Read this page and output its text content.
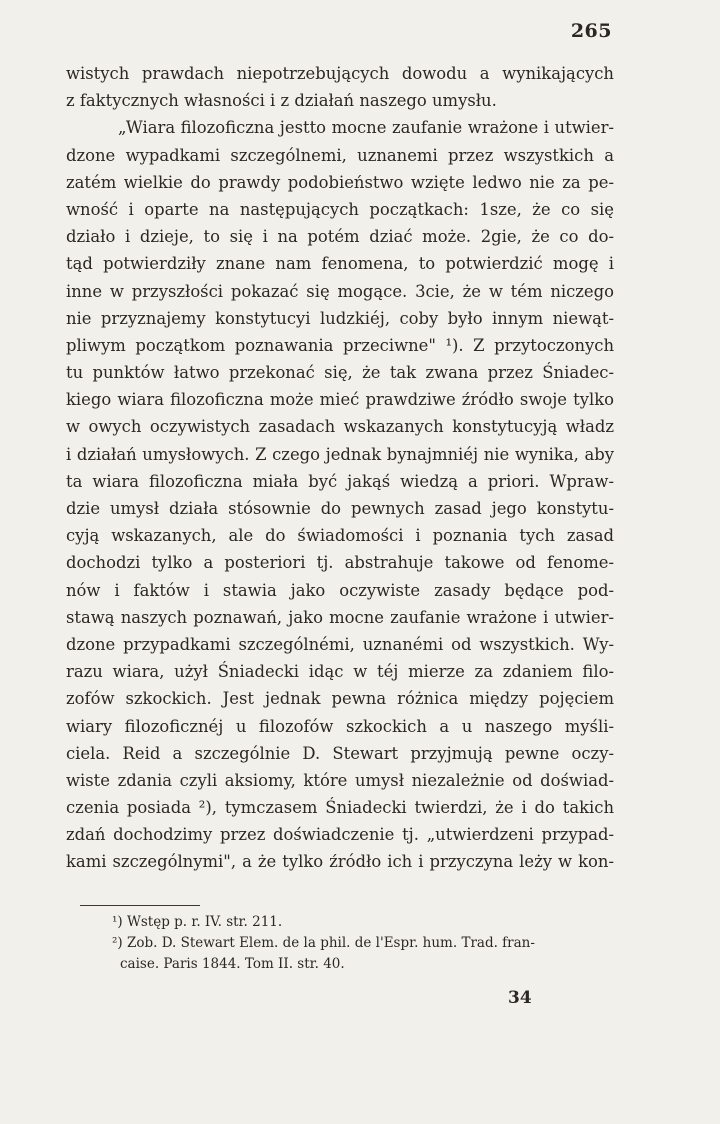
265
wistych prawdach niepotrzebujących dowodu a wynikających
z faktycznych własności i z działań naszego umysłu.
„Wiara filozoficzna jestto mocne zaufanie wrażone i utwier-
dzone wypadkami szczególnemi, uznanemi przez wszystkich a
zatém wielkie do prawdy podobieństwo wzięte ledwo nie za pe-
wność i oparte na następujących początkach: 1sze, że co się
działo i dzieje, to się i na potém dziać może. 2gie, że co do-
tąd potwierdziły znane nam fenomena, to potwierdzić mogę i
inne w przyszłości pokazać się mogące. 3cie, że w tém niczego
nie przyznajemy konstytucyi ludzkiéj, coby było innym niewąt-
pliwym początkom poznawania przeciwne" ¹). Z przytoczonych
tu punktów łatwo przekonać się, że tak zwana przez Śniadec-
kiego wiara filozoficzna może mieć prawdziwe źródło swoje tylko
w owych oczywistych zasadach wskazanych konstytucyją władz
i działań umysłowych. Z czego jednak bynajmniéj nie wynika, aby
ta wiara filozoficzna miała być jakąś wiedzą a priori. Wpraw-
dzie umysł działa stósownie do pewnych zasad jego konstytu-
cyją wskazanych, ale do świadomości i poznania tych zasad
dochodzi tylko a posteriori tj. abstrahuje takowe od fenome-
nów i faktów i stawia jako oczywiste zasady będące pod-
stawą naszych poznawań, jako mocne zaufanie wrażone i utwier-
dzone przypadkami szczególnémi, uznanémi od wszystkich. Wy-
razu wiara, użył Śniadecki idąc w téj mierze za zdaniem filo-
zofów szkockich. Jest jednak pewna różnica między pojęciem
wiary filozoficznéj u filozofów szkockich a u naszego myśli-
ciela. Reid a szczególnie D. Stewart przyjmują pewne oczy-
wiste zdania czyli aksiomy, które umysł niezależnie od doświad-
czenia posiada ²), tymczasem Śniadecki twierdzi, że i do takich
zdań dochodzimy przez doświadczenie tj. „utwierdzeni przypad-
kami szczególnymi", a że tylko źródło ich i przyczyna leży w kon-
¹) Wstęp p. r. IV. str. 211.
²) Zob. D. Stewart Elem. de la phil. de l'Espr. hum. Trad. fran-
caise. Paris 1844. Tom II. str. 40.
34
